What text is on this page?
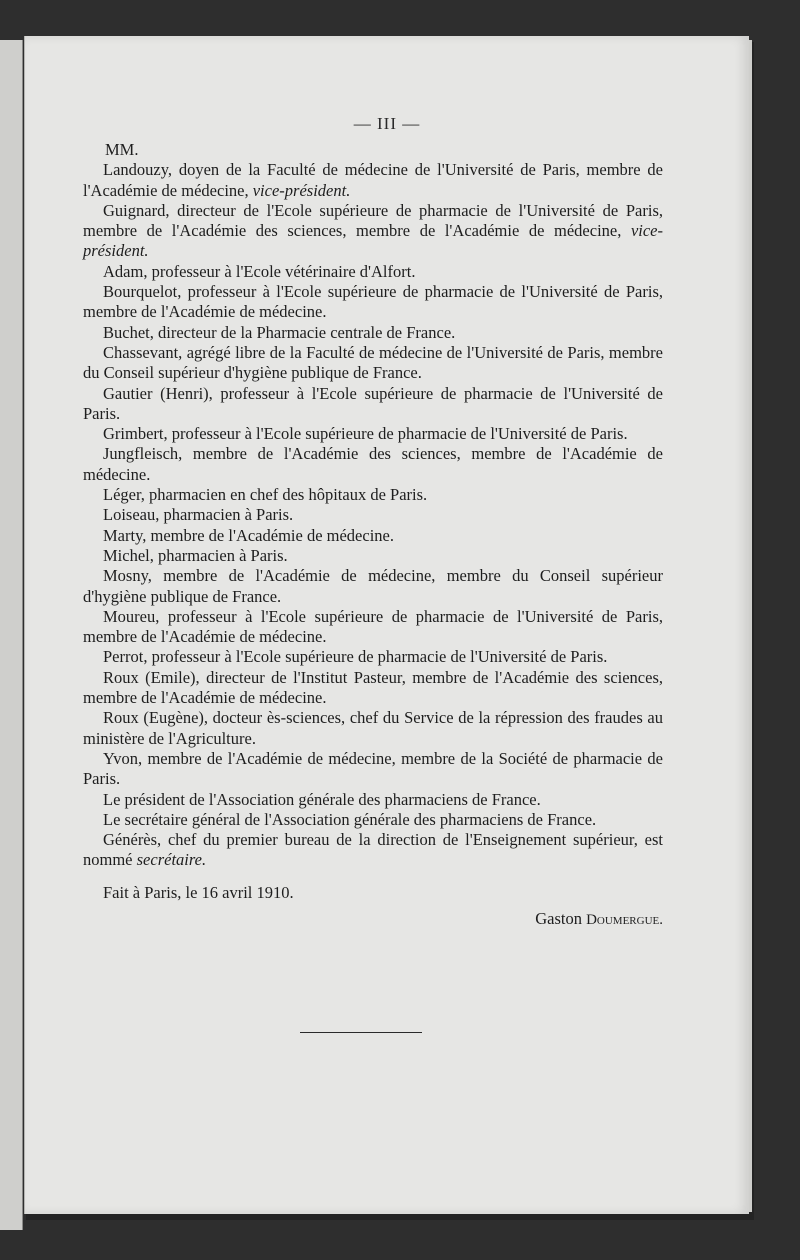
— III —

MM.

Landouzy, doyen de la Faculté de médecine de l'Université de Paris, membre de l'Académie de médecine, vice-président.

Guignard, directeur de l'Ecole supérieure de pharmacie de l'Université de Paris, membre de l'Académie des sciences, membre de l'Académie de médecine, vice-président.

Adam, professeur à l'Ecole vétérinaire d'Alfort.

Bourquelot, professeur à l'Ecole supérieure de pharmacie de l'Université de Paris, membre de l'Académie de médecine.

Buchet, directeur de la Pharmacie centrale de France.

Chassevant, agrégé libre de la Faculté de médecine de l'Université de Paris, membre du Conseil supérieur d'hygiène publique de France.

Gautier (Henri), professeur à l'Ecole supérieure de pharmacie de l'Université de Paris.

Grimbert, professeur à l'Ecole supérieure de pharmacie de l'Université de Paris.

Jungfleisch, membre de l'Académie des sciences, membre de l'Académie de médecine.

Léger, pharmacien en chef des hôpitaux de Paris.

Loiseau, pharmacien à Paris.

Marty, membre de l'Académie de médecine.

Michel, pharmacien à Paris.

Mosny, membre de l'Académie de médecine, membre du Conseil supérieur d'hygiène publique de France.

Moureu, professeur à l'Ecole supérieure de pharmacie de l'Université de Paris, membre de l'Académie de médecine.

Perrot, professeur à l'Ecole supérieure de pharmacie de l'Université de Paris.

Roux (Emile), directeur de l'Institut Pasteur, membre de l'Académie des sciences, membre de l'Académie de médecine.

Roux (Eugène), docteur ès-sciences, chef du Service de la répression des fraudes au ministère de l'Agriculture.

Yvon, membre de l'Académie de médecine, membre de la Société de pharmacie de Paris.

Le président de l'Association générale des pharmaciens de France.

Le secrétaire général de l'Association générale des pharmaciens de France.

Générès, chef du premier bureau de la direction de l'Enseignement supérieur, est nommé secrétaire.

Fait à Paris, le 16 avril 1910.

Gaston Doumergue.
